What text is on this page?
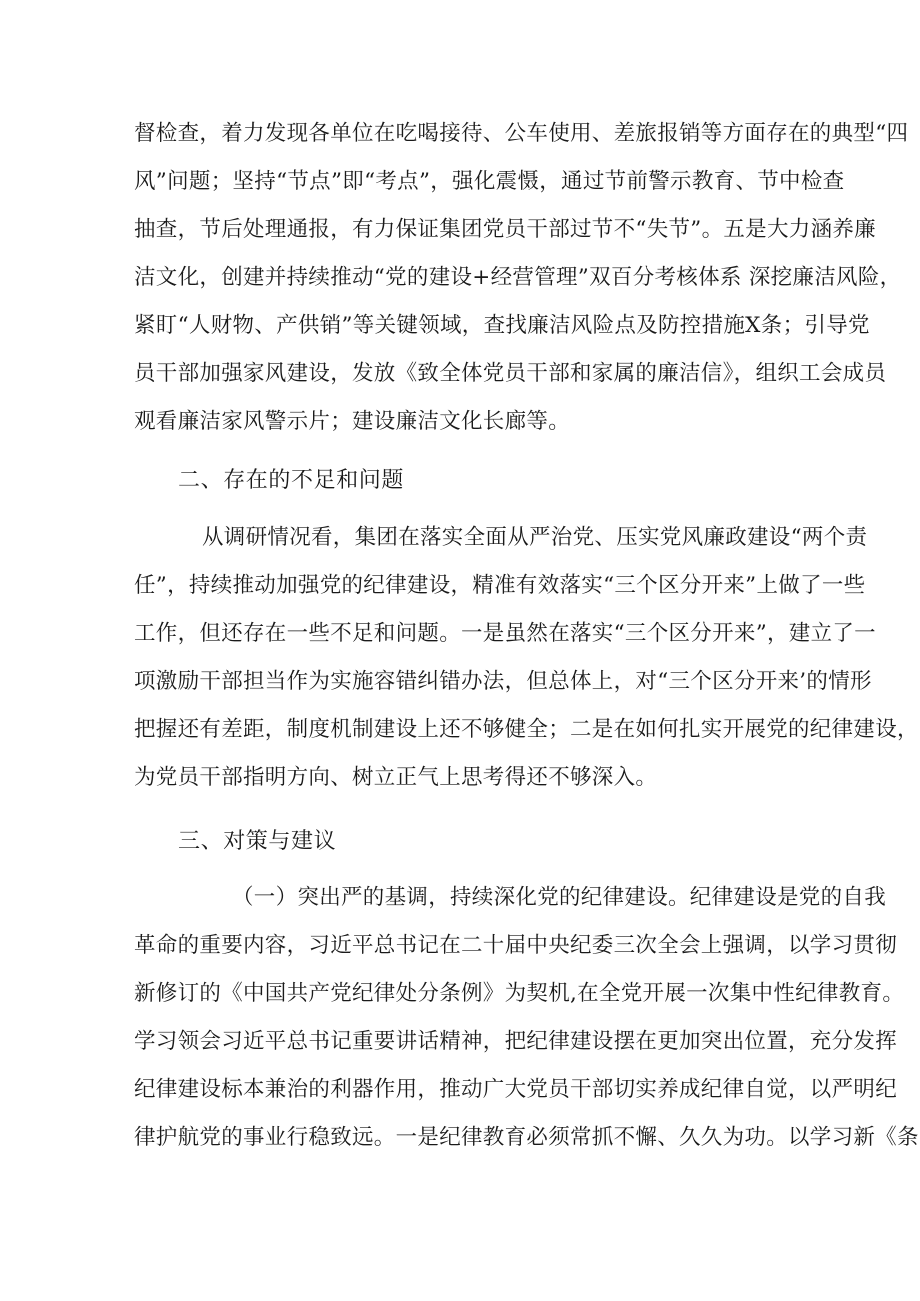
督检查，着力发现各单位在吃喝接待、公车使用、差旅报销等方面存在的典型“四
风”问题；坚持“节点”即“考点”，强化震慑，通过节前警示教育、节中检查
抽查，节后处理通报，有力保证集团党员干部过节不“失节”。五是大力涵养廉
洁文化，创建并持续推动“党的建设+经营管理”双百分考核体系 深挖廉洁风险，
紧盯“人财物、产供销”等关键领域，查找廉洁风险点及防控措施Ⅹ条；引导党
员干部加强家风建设，发放《致全体党员干部和家属的廉洁信》，组织工会成员
观看廉洁家风警示片；建设廉洁文化长廊等。
二、存在的不足和问题
从调研情况看，集团在落实全面从严治党、压实党风廉政建设“两个责
任”，持续推动加强党的纪律建设，精准有效落实“三个区分开来”上做了一些
工作，但还存在一些不足和问题。一是虽然在落实“三个区分开来”，建立了一
项激励干部担当作为实施容错纠错办法，但总体上，对“三个区分开来’的情形
把握还有差距，制度机制建设上还不够健全；二是在如何扎实开展党的纪律建设，
为党员干部指明方向、树立正气上思考得还不够深入。
三、对策与建议
（一）突出严的基调，持续深化党的纪律建设。纪律建设是党的自我
革命的重要内容，习近平总书记在二十届中央纪委三次全会上强调，以学习贯彻
新修订的《中国共产党纪律处分条例》为契机,在全党开展一次集中性纪律教育。
学习领会习近平总书记重要讲话精神，把纪律建设摆在更加突出位置，充分发挥
纪律建设标本兼治的利器作用，推动广大党员干部切实养成纪律自觉，以严明纪
律护航党的事业行稳致远。一是纪律教育必须常抓不懈、久久为功。以学习新《条
